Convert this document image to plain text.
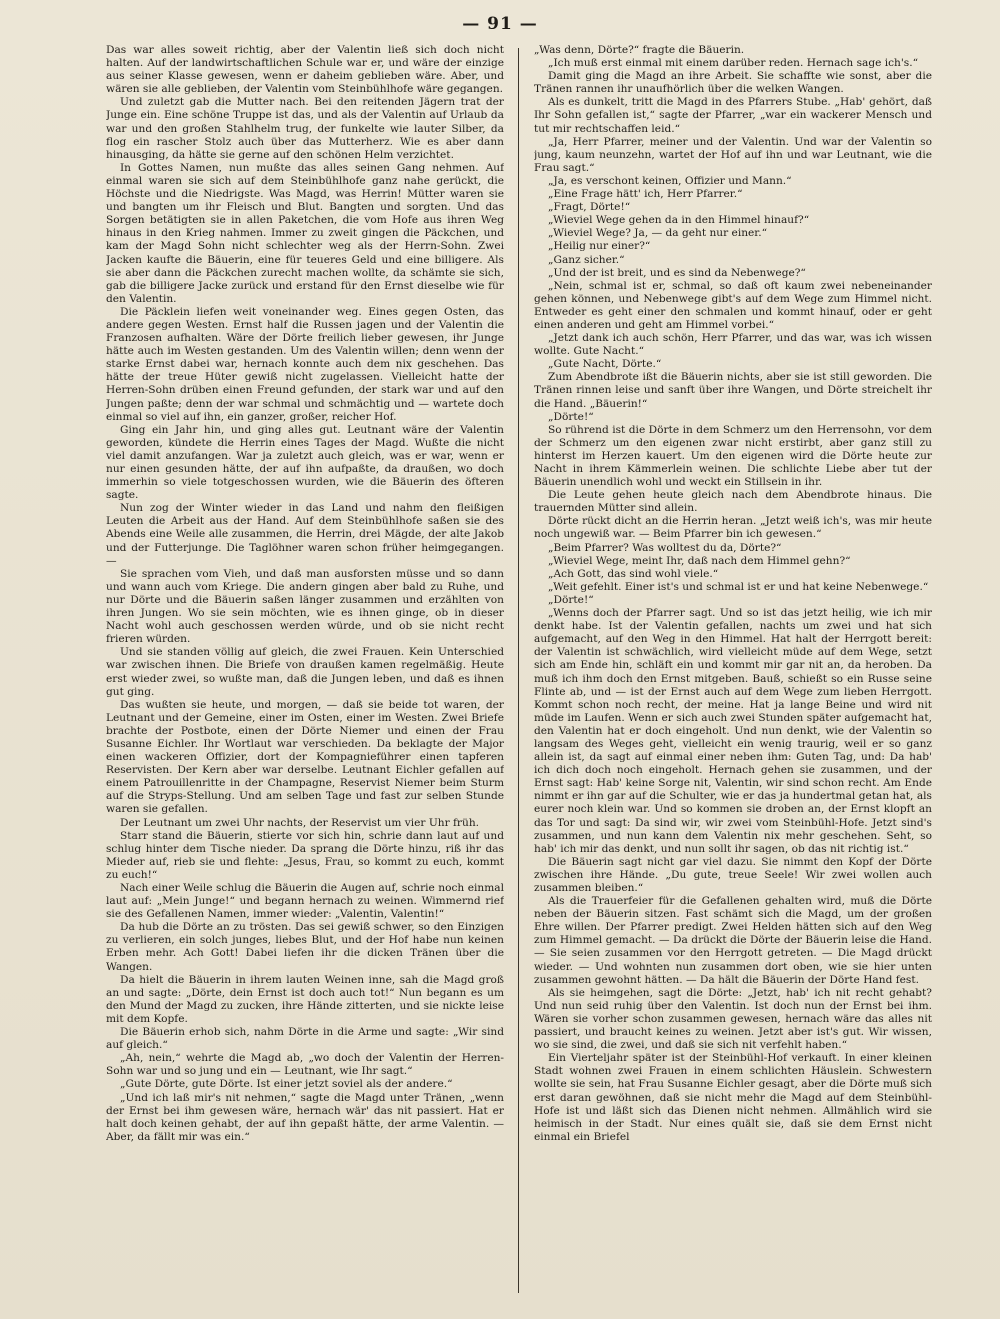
— 91 —

Das war alles soweit richtig, aber der Valentin ließ sich doch nicht halten. Auf der landwirtschaftlichen Schule war er, und wäre der einzige aus seiner Klasse gewesen, wenn er daheim geblieben wäre. Aber, und wären sie alle geblieben, der Valentin vom Steinbühlhofe wäre gegangen.

Und zuletzt gab die Mutter nach. Bei den reitenden Jägern trat der Junge ein. Eine schöne Truppe ist das, und als der Valentin auf Urlaub da war und den großen Stahlhelm trug, der funkelte wie lauter Silber, da flog ein rascher Stolz auch über das Mutterherz. Wie es aber dann hinausging, da hätte sie gerne auf den schönen Helm verzichtet.

In Gottes Namen, nun mußte das alles seinen Gang nehmen. Auf einmal waren sie sich auf dem Steinbühlhofe ganz nahe gerückt, die Höchste und die Niedrigste. Was Magd, was Herrin! Mütter waren sie und bangten um ihr Fleisch und Blut. Bangten und sorgten. Und das Sorgen betätigten sie in allen Paketchen, die vom Hofe aus ihren Weg hinaus in den Krieg nahmen. Immer zu zweit gingen die Päckchen, und kam der Magd Sohn nicht schlechter weg als der Herrn-Sohn. Zwei Jacken kaufte die Bäuerin, eine für teueres Geld und eine billigere. Als sie aber dann die Päckchen zurecht machen wollte, da schämte sie sich, gab die billigere Jacke zurück und erstand für den Ernst dieselbe wie für den Valentin.

Die Päcklein liefen weit voneinander weg. Eines gegen Osten, das andere gegen Westen. Ernst half die Russen jagen und der Valentin die Franzosen aufhalten. Wäre der Dörte freilich lieber gewesen, ihr Junge hätte auch im Westen gestanden. Um des Valentin willen; denn wenn der starke Ernst dabei war, hernach konnte auch dem nix geschehen. Das hätte der treue Hüter gewiß nicht zugelassen. Vielleicht hatte der Herren-Sohn drüben einen Freund gefunden, der stark war und auf den Jungen paßte; denn der war schmal und schmächtig und — wartete doch einmal so viel auf ihn, ein ganzer, großer, reicher Hof.

Ging ein Jahr hin, und ging alles gut. Leutnant wäre der Valentin geworden, kündete die Herrin eines Tages der Magd. Wußte die nicht viel damit anzufangen. War ja zuletzt auch gleich, was er war, wenn er nur einen gesunden hätte, der auf ihn aufpaßte, da draußen, wo doch immerhin so viele totgeschossen wurden, wie die Bäuerin des öfteren sagte.

Nun zog der Winter wieder in das Land und nahm den fleißigen Leuten die Arbeit aus der Hand. Auf dem Steinbühlhofe saßen sie des Abends eine Weile alle zusammen, die Herrin, drei Mägde, der alte Jakob und der Futterjunge. Die Taglöhner waren schon früher heimgegangen. —

Sie sprachen vom Vieh, und daß man ausforsten müsse und so dann und wann auch vom Kriege. Die andern gingen aber bald zu Ruhe, und nur Dörte und die Bäuerin saßen länger zusammen und erzählten von ihren Jungen. Wo sie sein möchten, wie es ihnen ginge, ob in dieser Nacht wohl auch geschossen werden würde, und ob sie nicht recht frieren würden.

Und sie standen völlig auf gleich, die zwei Frauen. Kein Unterschied war zwischen ihnen. Die Briefe von draußen kamen regelmäßig. Heute erst wieder zwei, so wußte man, daß die Jungen leben, und daß es ihnen gut ging.

Das wußten sie heute, und morgen, — daß sie beide tot waren, der Leutnant und der Gemeine, einer im Osten, einer im Westen. Zwei Briefe brachte der Postbote, einen der Dörte Niemer und einen der Frau Susanne Eichler. Ihr Wortlaut war verschieden. Da beklagte der Major einen wackeren Offizier, dort der Kompagnieführer einen tapferen Reservisten. Der Kern aber war derselbe. Leutnant Eichler gefallen auf einem Patrouillenritte in der Champagne, Reservist Niemer beim Sturm auf die Stryps-Stellung. Und am selben Tage und fast zur selben Stunde waren sie gefallen.

Der Leutnant um zwei Uhr nachts, der Reservist um vier Uhr früh.

Starr stand die Bäuerin, stierte vor sich hin, schrie dann laut auf und schlug hinter dem Tische nieder. Da sprang die Dörte hinzu, riß ihr das Mieder auf, rieb sie und flehte: „Jesus, Frau, so kommt zu euch, kommt zu euch!“

Nach einer Weile schlug die Bäuerin die Augen auf, schrie noch einmal laut auf: „Mein Junge!“ und begann hernach zu weinen. Wimmernd rief sie des Gefallenen Namen, immer wieder: „Valentin, Valentin!“

Da hub die Dörte an zu trösten. Das sei gewiß schwer, so den Einzigen zu verlieren, ein solch junges, liebes Blut, und der Hof habe nun keinen Erben mehr. Ach Gott! Dabei liefen ihr die dicken Tränen über die Wangen.

Da hielt die Bäuerin in ihrem lauten Weinen inne, sah die Magd groß an und sagte: „Dörte, dein Ernst ist doch auch tot!“ Nun begann es um den Mund der Magd zu zucken, ihre Hände zitterten, und sie nickte leise mit dem Kopfe.

Die Bäuerin erhob sich, nahm Dörte in die Arme und sagte: „Wir sind auf gleich.“

„Ah, nein,“ wehrte die Magd ab, „wo doch der Valentin der Herren-Sohn war und so jung und ein — Leutnant, wie Ihr sagt.“

„Gute Dörte, gute Dörte. Ist einer jetzt soviel als der andere.“

„Und ich laß mir's nit nehmen,“ sagte die Magd unter Tränen, „wenn der Ernst bei ihm gewesen wäre, hernach wär' das nit passiert. Hat er halt doch keinen gehabt, der auf ihn gepaßt hätte, der arme Valentin. — Aber, da fällt mir was ein.“

„Was denn, Dörte?“ fragte die Bäuerin.

„Ich muß erst einmal mit einem darüber reden. Hernach sage ich's.“

Damit ging die Magd an ihre Arbeit. Sie schaffte wie sonst, aber die Tränen rannen ihr unaufhörlich über die welken Wangen.

Als es dunkelt, tritt die Magd in des Pfarrers Stube. „Hab' gehört, daß Ihr Sohn gefallen ist,“ sagte der Pfarrer, „war ein wackerer Mensch und tut mir rechtschaffen leid.“

„Ja, Herr Pfarrer, meiner und der Valentin. Und war der Valentin so jung, kaum neunzehn, wartet der Hof auf ihn und war Leutnant, wie die Frau sagt.“

„Ja, es verschont keinen, Offizier und Mann.“

„Eine Frage hätt' ich, Herr Pfarrer.“

„Fragt, Dörte!“

„Wieviel Wege gehen da in den Himmel hinauf?“

„Wieviel Wege? Ja, — da geht nur einer.“

„Heilig nur einer?“

„Ganz sicher.“

„Und der ist breit, und es sind da Nebenwege?“

„Nein, schmal ist er, schmal, so daß oft kaum zwei nebeneinander gehen können, und Nebenwege gibt's auf dem Wege zum Himmel nicht. Entweder es geht einer den schmalen und kommt hinauf, oder er geht einen anderen und geht am Himmel vorbei.“

„Jetzt dank ich auch schön, Herr Pfarrer, und das war, was ich wissen wollte. Gute Nacht.“

„Gute Nacht, Dörte.“

Zum Abendbrote ißt die Bäuerin nichts, aber sie ist still geworden. Die Tränen rinnen leise und sanft über ihre Wangen, und Dörte streichelt ihr die Hand. „Bäuerin!“

„Dörte!“

So rührend ist die Dörte in dem Schmerz um den Herrensohn, vor dem der Schmerz um den eigenen zwar nicht erstirbt, aber ganz still zu hinterst im Herzen kauert. Um den eigenen wird die Dörte heute zur Nacht in ihrem Kämmerlein weinen. Die schlichte Liebe aber tut der Bäuerin unendlich wohl und weckt ein Stillsein in ihr.

Die Leute gehen heute gleich nach dem Abendbrote hinaus. Die trauernden Mütter sind allein.

Dörte rückt dicht an die Herrin heran. „Jetzt weiß ich's, was mir heute noch ungewiß war. — Beim Pfarrer bin ich gewesen.“

„Beim Pfarrer? Was wolltest du da, Dörte?“

„Wieviel Wege, meint Ihr, daß nach dem Himmel gehn?“

„Ach Gott, das sind wohl viele.“

„Weit gefehlt. Einer ist's und schmal ist er und hat keine Nebenwege.“

„Dörte!“

„Wenns doch der Pfarrer sagt. Und so ist das jetzt heilig, wie ich mir denkt habe. Ist der Valentin gefallen, nachts um zwei und hat sich aufgemacht, auf den Weg in den Himmel. Hat halt der Herrgott bereit: der Valentin ist schwächlich, wird vielleicht müde auf dem Wege, setzt sich am Ende hin, schläft ein und kommt mir gar nit an, da heroben. Da muß ich ihm doch den Ernst mitgeben. Bauß, schießt so ein Russe seine Flinte ab, und — ist der Ernst auch auf dem Wege zum lieben Herrgott. Kommt schon noch recht, der meine. Hat ja lange Beine und wird nit müde im Laufen. Wenn er sich auch zwei Stunden später aufgemacht hat, den Valentin hat er doch eingeholt. Und nun denkt, wie der Valentin so langsam des Weges geht, vielleicht ein wenig traurig, weil er so ganz allein ist, da sagt auf einmal einer neben ihm: Guten Tag, und: Da hab' ich dich doch noch eingeholt. Hernach gehen sie zusammen, und der Ernst sagt: Hab' keine Sorge nit, Valentin, wir sind schon recht. Am Ende nimmt er ihn gar auf die Schulter, wie er das ja hundertmal getan hat, als eurer noch klein war. Und so kommen sie droben an, der Ernst klopft an das Tor und sagt: Da sind wir, wir zwei vom Steinbühl-Hofe. Jetzt sind's zusammen, und nun kann dem Valentin nix mehr geschehen. Seht, so hab' ich mir das denkt, und nun sollt ihr sagen, ob das nit richtig ist.“

Die Bäuerin sagt nicht gar viel dazu. Sie nimmt den Kopf der Dörte zwischen ihre Hände. „Du gute, treue Seele! Wir zwei wollen auch zusammen bleiben.“

Als die Trauerfeier für die Gefallenen gehalten wird, muß die Dörte neben der Bäuerin sitzen. Fast schämt sich die Magd, um der großen Ehre willen. Der Pfarrer predigt. Zwei Helden hätten sich auf den Weg zum Himmel gemacht. — Da drückt die Dörte der Bäuerin leise die Hand. — Sie seien zusammen vor den Herrgott getreten. — Die Magd drückt wieder. — Und wohnten nun zusammen dort oben, wie sie hier unten zusammen gewohnt hätten. — Da hält die Bäuerin der Dörte Hand fest.

Als sie heimgehen, sagt die Dörte: „Jetzt, hab' ich nit recht gehabt? Und nun seid ruhig über den Valentin. Ist doch nun der Ernst bei ihm. Wären sie vorher schon zusammen gewesen, hernach wäre das alles nit passiert, und braucht keines zu weinen. Jetzt aber ist's gut. Wir wissen, wo sie sind, die zwei, und daß sie sich nit verfehlt haben.“

Ein Vierteljahr später ist der Steinbühl-Hof verkauft. In einer kleinen Stadt wohnen zwei Frauen in einem schlichten Häuslein. Schwestern wollte sie sein, hat Frau Susanne Eichler gesagt, aber die Dörte muß sich erst daran gewöhnen, daß sie nicht mehr die Magd auf dem Steinbühl-Hofe ist und läßt sich das Dienen nicht nehmen. Allmählich wird sie heimisch in der Stadt. Nur eines quält sie, daß sie dem Ernst nicht einmal ein Briefel
